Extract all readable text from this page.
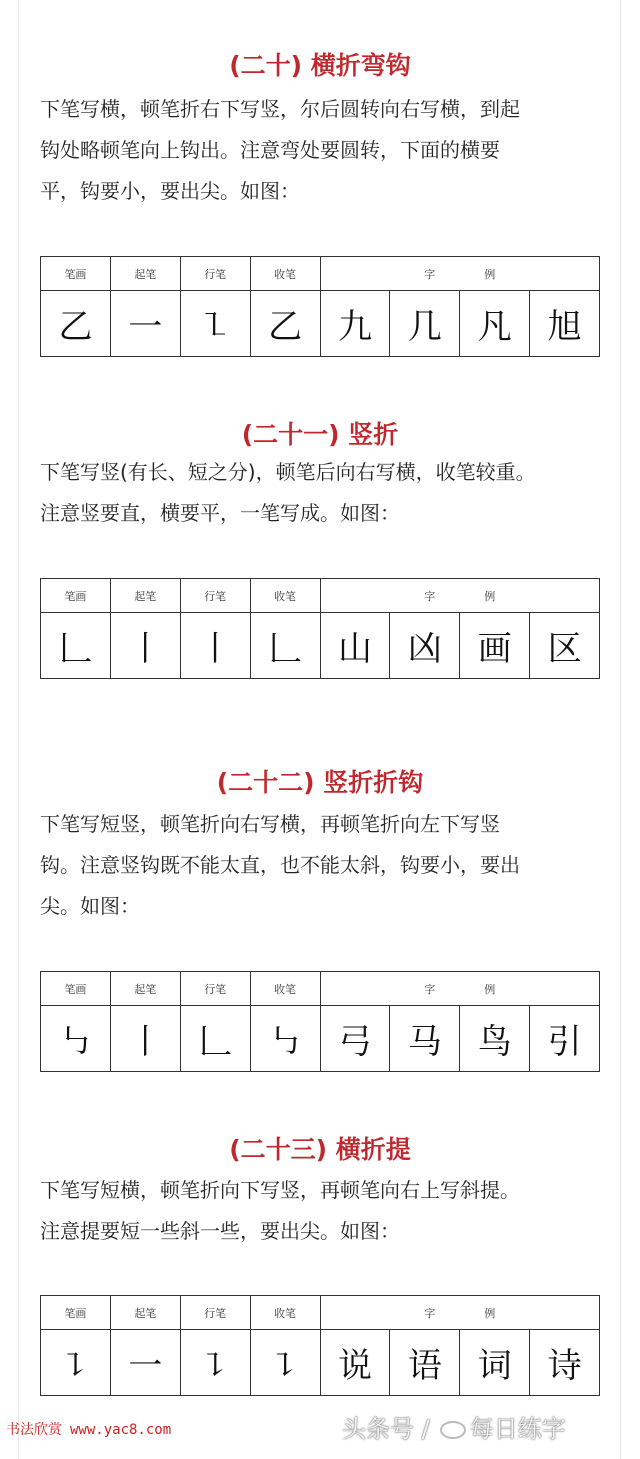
(二十) 横折弯钩
下笔写横，顿笔折右下写竖，尔后圆转向右写横，到起
钩处略顿笔向上钩出。注意弯处要圆转，下面的横要
平，钩要小，要出尖。如图：
笔画	起笔	行笔	收笔	字 例			
乙	一	㇅	乙	九	几	凡	旭
(二十一) 竖折
下笔写竖(有长、短之分)，顿笔后向右写横，收笔较重。
注意竖要直，横要平，一笔写成。如图：
笔画	起笔	行笔	收笔	字 例			
𠃊	丨	丨	𠃊	山	凶	画	区
(二十二) 竖折折钩
下笔写短竖，顿笔折向右写横，再顿笔折向左下写竖
钩。注意竖钩既不能太直，也不能太斜，钩要小，要出
尖。如图：
笔画	起笔	行笔	收笔	字 例			
㇉	丨	𠃊	㇉	弓	马	鸟	引
(二十三) 横折提
下笔写短横，顿笔折向下写竖，再顿笔向右上写斜提。
注意提要短一些斜一些，要出尖。如图：
笔画	起笔	行笔	收笔	字 例			
㇊	一	㇊	㇊	说	语	词	诗
书法欣赏 www.yac8.com	头条号 / 每日练字
